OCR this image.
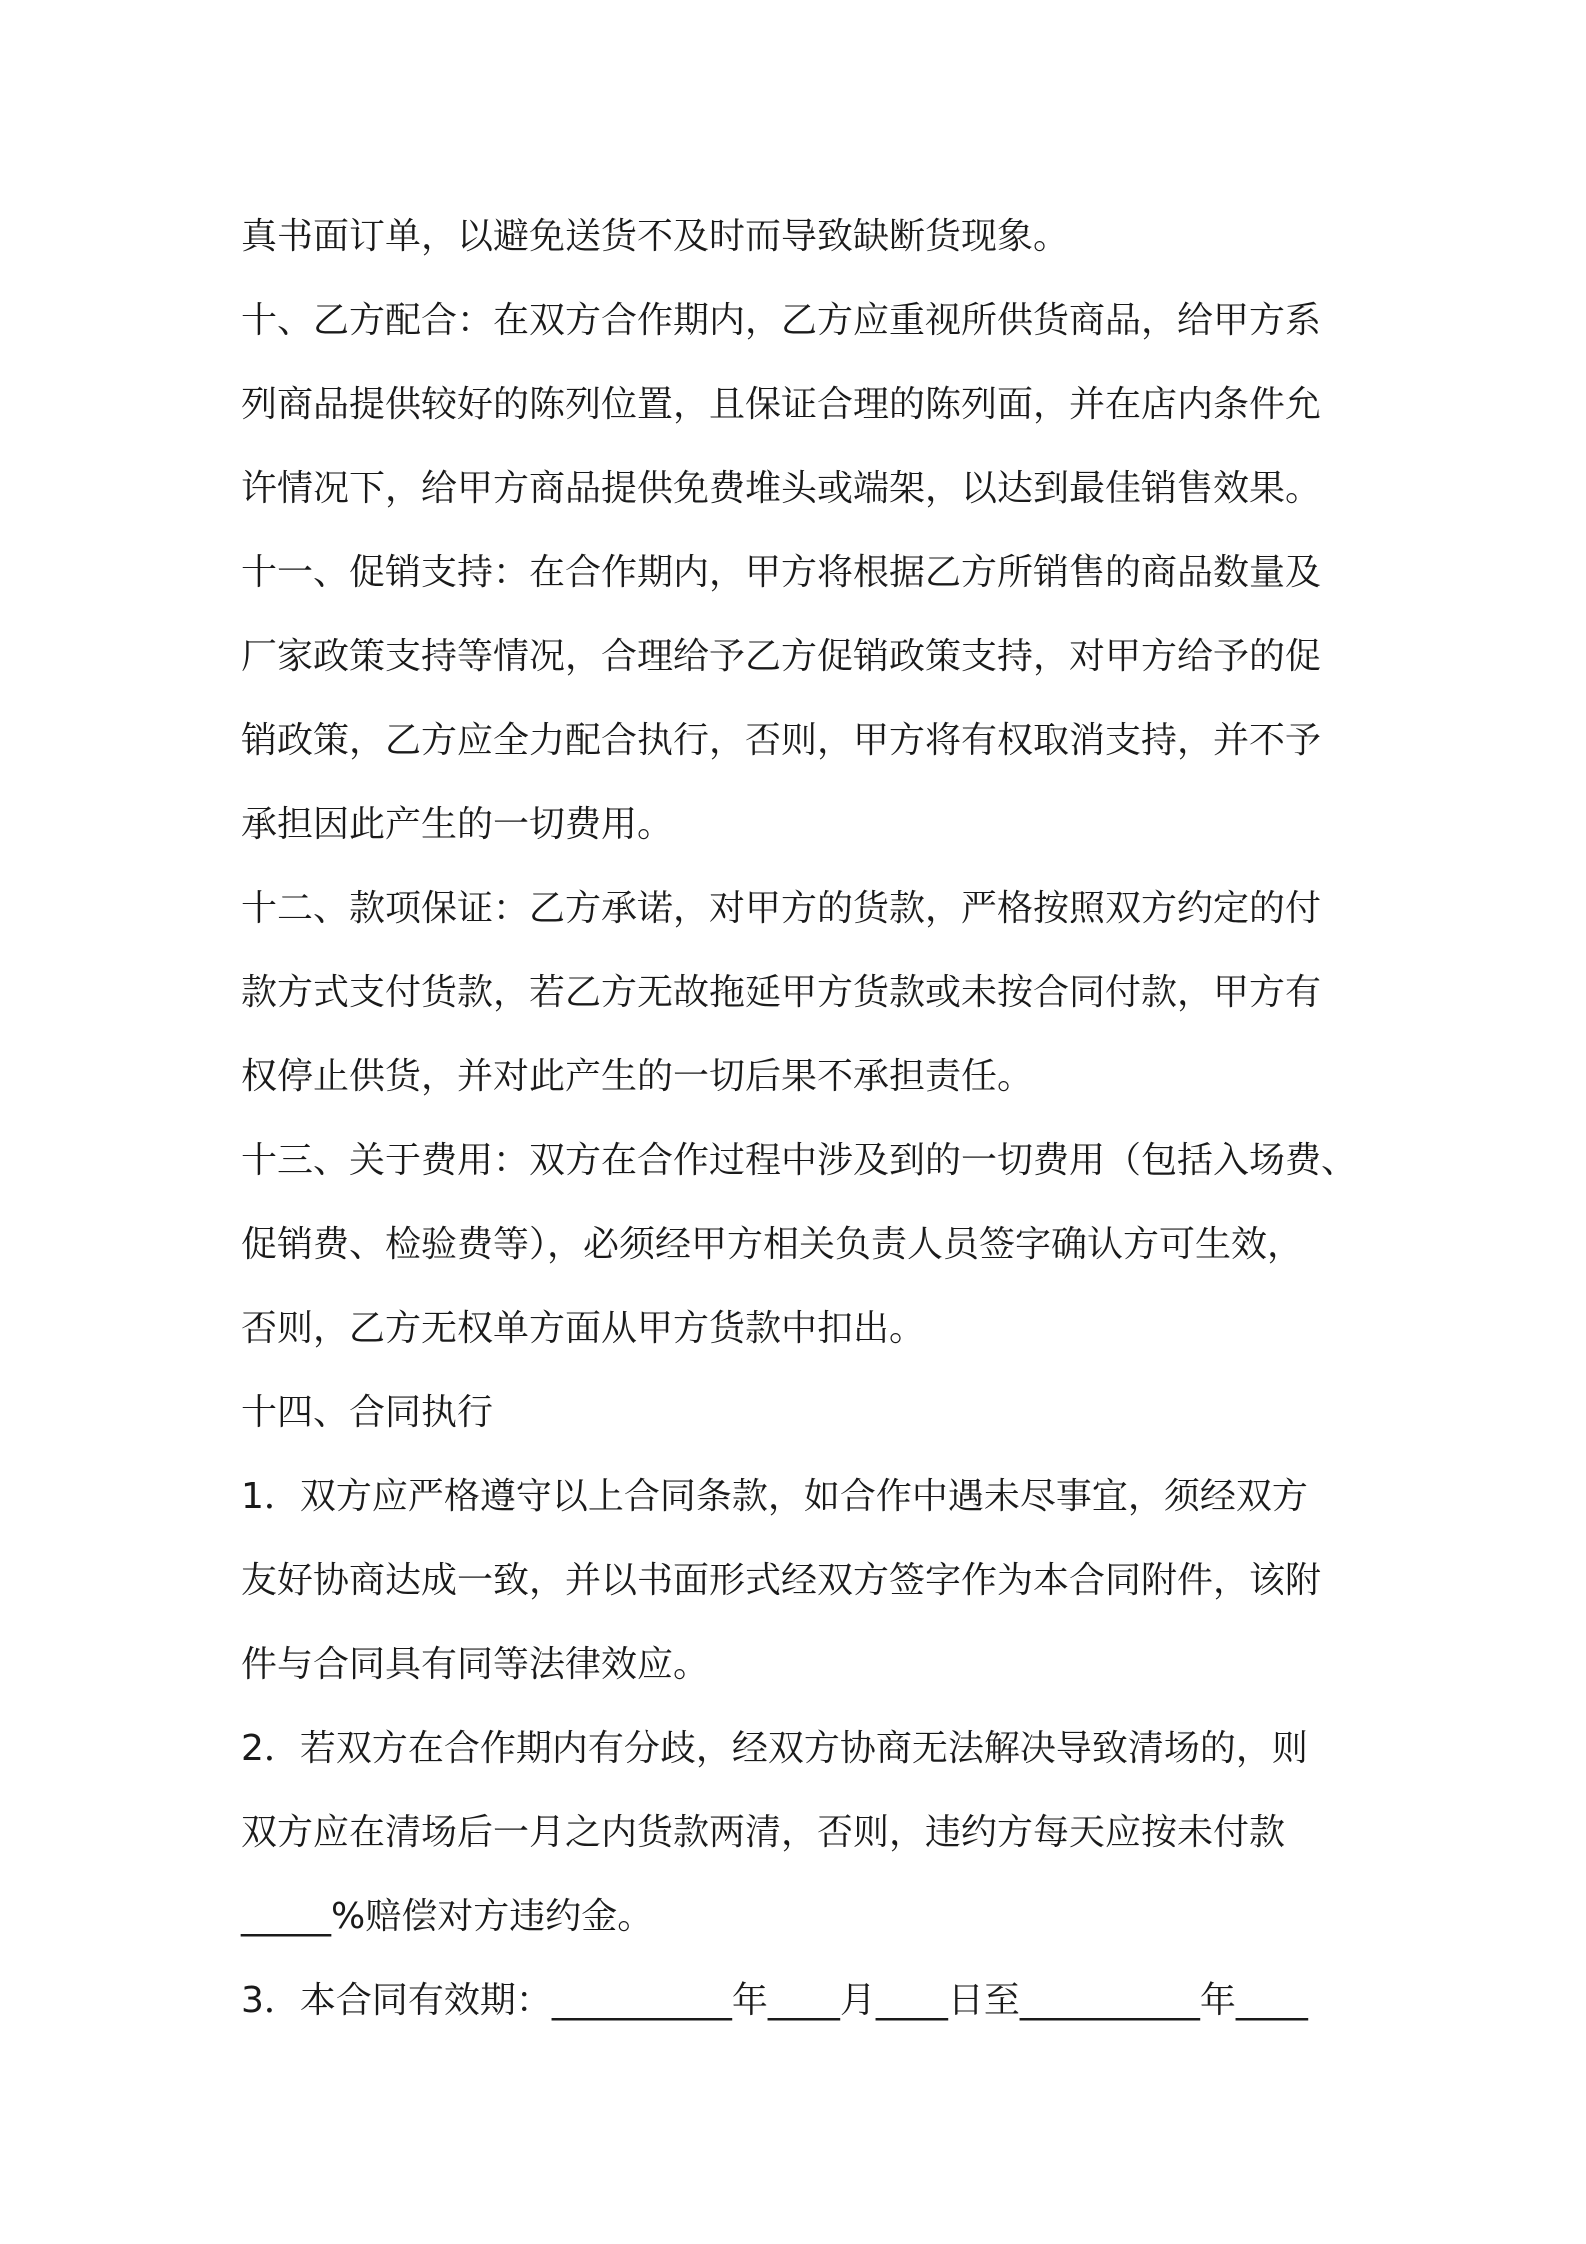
真书面订单，以避免送货不及时而导致缺断货现象。

十、乙方配合：在双方合作期内，乙方应重视所供货商品，给甲方系
列商品提供较好的陈列位置，且保证合理的陈列面，并在店内条件允
许情况下，给甲方商品提供免费堆头或端架，以达到最佳销售效果。

十一、促销支持：在合作期内，甲方将根据乙方所销售的商品数量及
厂家政策支持等情况，合理给予乙方促销政策支持，对甲方给予的促
销政策，乙方应全力配合执行，否则，甲方将有权取消支持，并不予
承担因此产生的一切费用。

十二、款项保证：乙方承诺，对甲方的货款，严格按照双方约定的付
款方式支付货款，若乙方无故拖延甲方货款或未按合同付款，甲方有
权停止供货，并对此产生的一切后果不承担责任。

十三、关于费用：双方在合作过程中涉及到的一切费用（包括入场费、
促销费、检验费等），必须经甲方相关负责人员签字确认方可生效，
否则，乙方无权单方面从甲方货款中扣出。

十四、合同执行

1．双方应严格遵守以上合同条款，如合作中遇未尽事宜，须经双方
友好协商达成一致，并以书面形式经双方签字作为本合同附件，该附
件与合同具有同等法律效应。

2．若双方在合作期内有分歧，经双方协商无法解决导致清场的，则
双方应在清场后一月之内货款两清，否则，违约方每天应按未付款
_____%赔偿对方违约金。

3．本合同有效期：__________年____月____日至__________年____
